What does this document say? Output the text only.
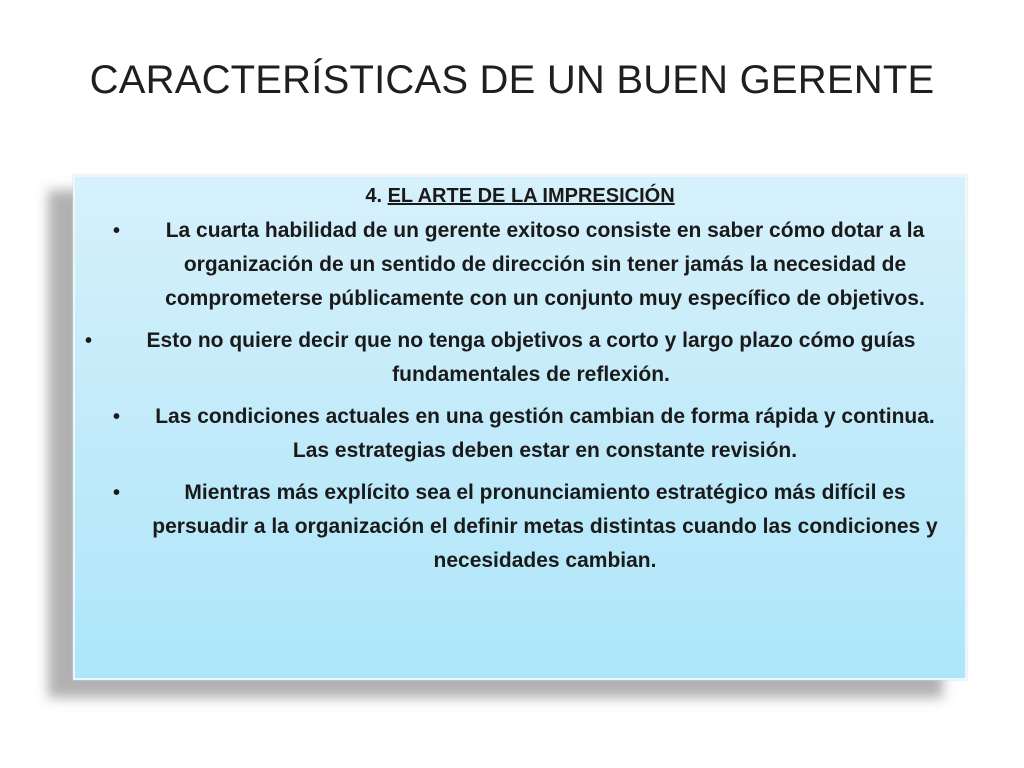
CARACTERÍSTICAS DE UN BUEN GERENTE
4. EL ARTE DE LA IMPRESICIÓN
• La cuarta habilidad de un gerente exitoso consiste en saber cómo dotar a la organización de un sentido de dirección sin tener jamás la necesidad de comprometerse públicamente con un conjunto muy específico de objetivos.
•	Esto no quiere decir que no tenga objetivos a corto y largo plazo cómo guías fundamentales de reflexión.
• Las condiciones actuales en una gestión cambian de forma rápida y continua. Las estrategias deben estar en constante revisión.
•	Mientras más explícito sea el pronunciamiento estratégico más difícil es persuadir a la organización el definir metas distintas cuando las condiciones y necesidades cambian.
